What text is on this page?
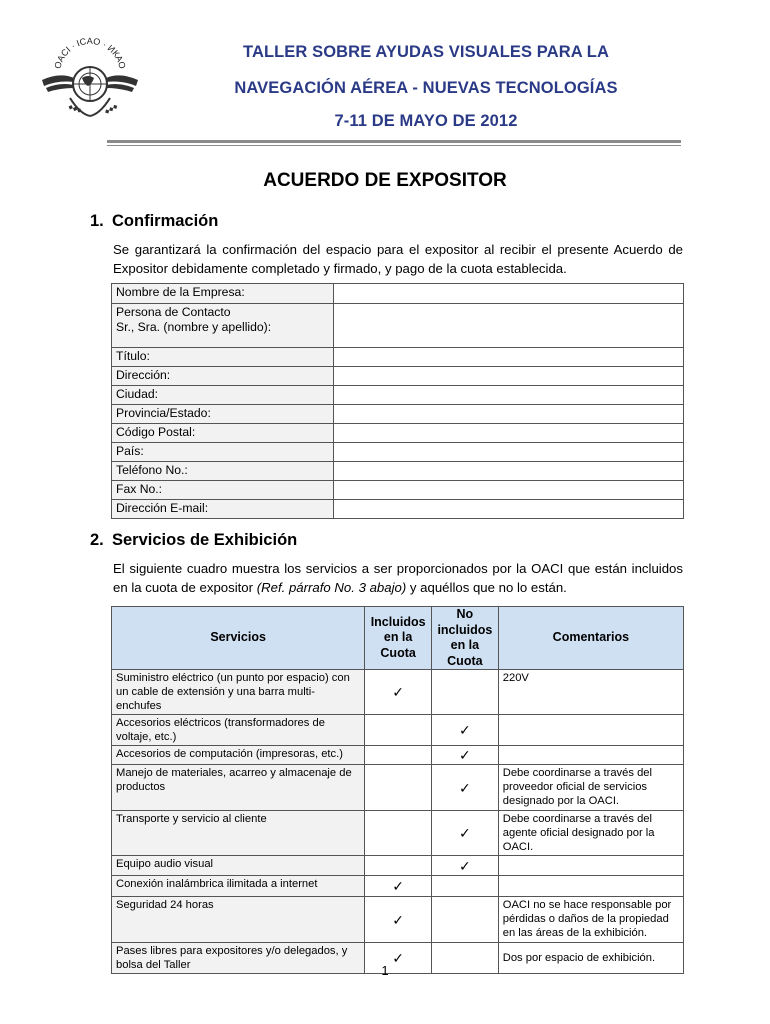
OACI · ICAO · ИКАО
◆◆◆	◆◆◆
TALLER SOBRE AYUDAS VISUALES PARA LA
NAVEGACIÓN AÉREA - NUEVAS TECNOLOGÍAS
7-11 DE MAYO DE 2012
ACUERDO DE EXPOSITOR
1. Confirmación
Se garantizará la confirmación del espacio para el expositor al recibir el presente Acuerdo de Expositor debidamente completado y firmado, y pago de la cuota establecida.
Nombre de la Empresa:	

Persona de Contacto
Sr., Sra. (nombre y apellido):	

Título:	
Dirección:	
Ciudad:	
Provincia/Estado:	
Código Postal:	
País:	
Teléfono No.:	
Fax No.:	
Dirección E-mail:	
2. Servicios de Exhibición
El siguiente cuadro muestra los servicios a ser proporcionados por la OACI que están incluidos en la cuota de expositor (Ref. párrafo No. 3 abajo) y aquéllos que no lo están.
Servicios	Incluidos en la Cuota	No incluidos en la Cuota	Comentarios
Suministro eléctrico (un punto por espacio) con un cable de extensión y una barra multi-enchufes	✓		220V
Accesorios eléctricos (transformadores de voltaje, etc.)		✓	
Accesorios de computación (impresoras, etc.)		✓	
Manejo de materiales, acarreo y almacenaje de productos		✓	Debe coordinarse a través del proveedor oficial de servicios designado por la OACI.
Transporte y servicio al cliente		✓	Debe coordinarse a través del agente oficial designado por la OACI.
Equipo audio visual		✓	
Conexión inalámbrica ilimitada a internet	✓		
Seguridad 24 horas	✓		OACI no se hace responsable por pérdidas o daños de la propiedad en las áreas de la exhibición.
Pases libres para expositores y/o delegados, y bolsa del Taller	✓		Dos por espacio de exhibición.
1
